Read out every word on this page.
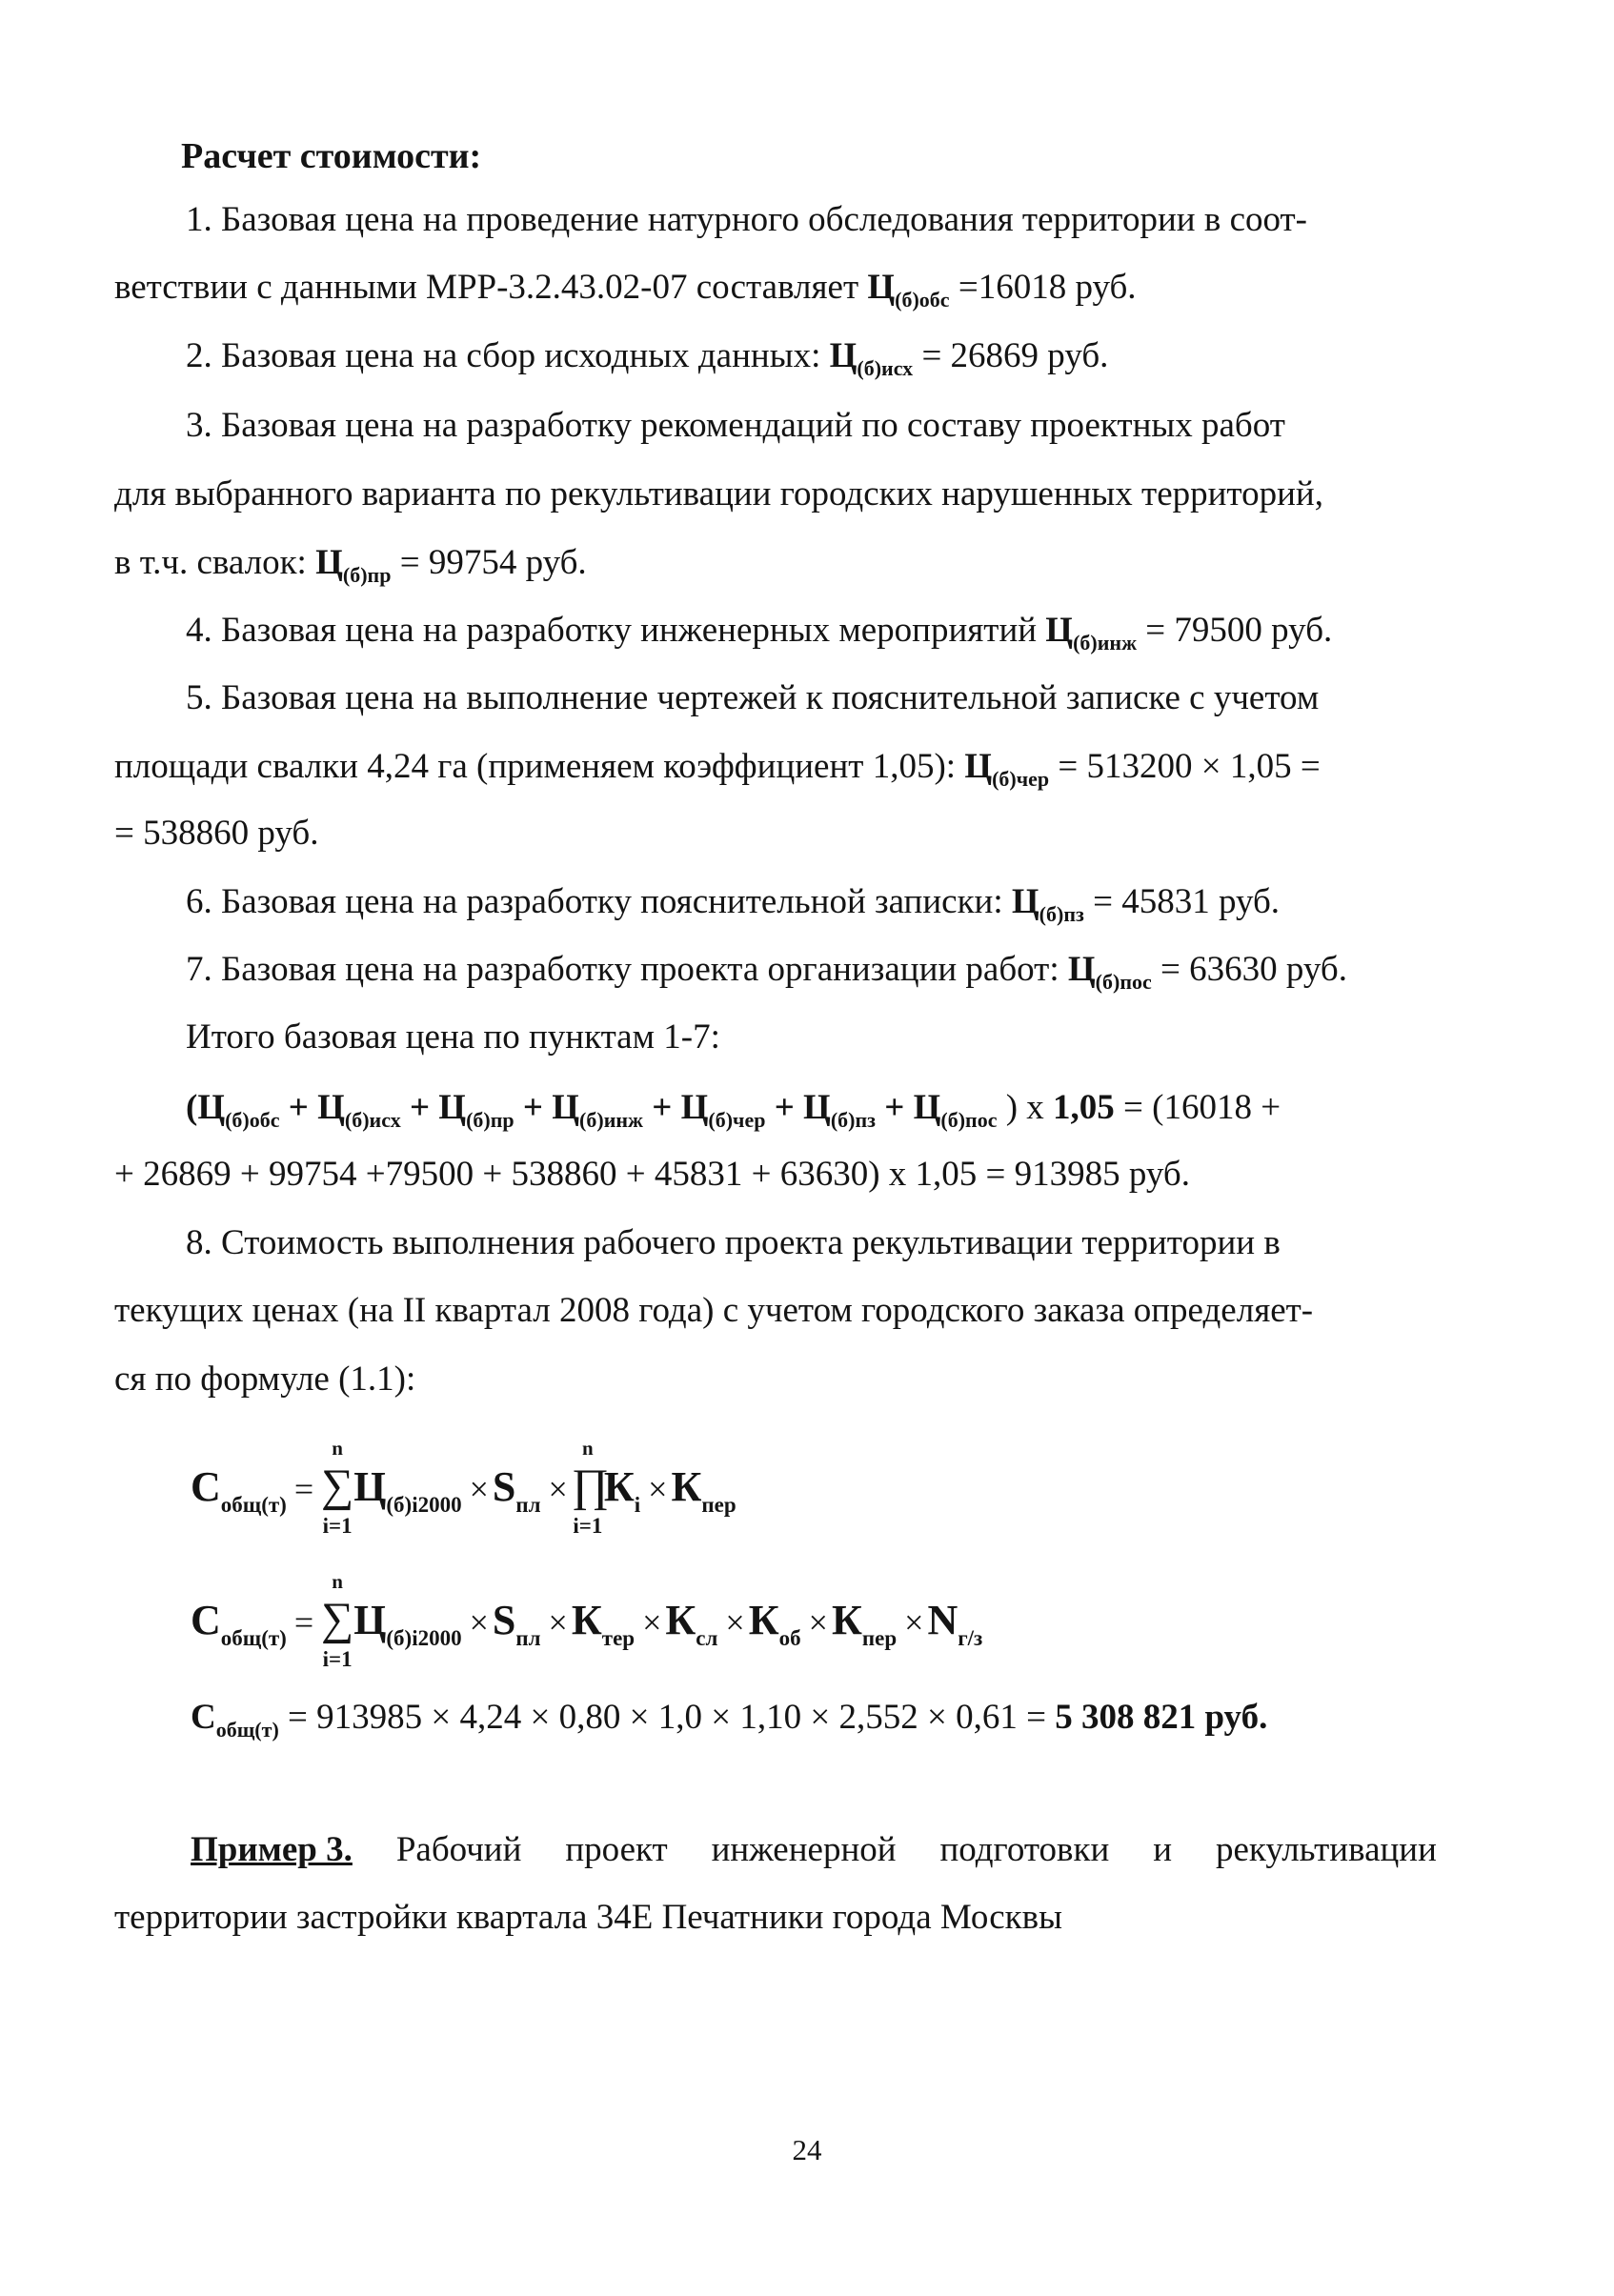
Расчет стоимости:
1. Базовая цена на проведение натурного обследования территории в соот-
ветствии с данными МРР-3.2.43.02-07 составляет $Ц_{(б)обс} =16018$ руб.
2. Базовая цена на сбор исходных данных: $Ц_{(б)исх} = 26869$ руб.
3. Базовая цена на разработку рекомендаций по составу проектных работ
для выбранного варианта по рекультивации городских нарушенных территорий,
в т.ч. свалок: $Ц_{(б)пр} = 99754$ руб.
4. Базовая цена на разработку инженерных мероприятий $Ц_{(б)инж} = 79500$ руб.
5. Базовая цена на выполнение чертежей к пояснительной записке с учетом
площади свалки 4,24 га (применяем коэффициент 1,05): $Ц_{(б)чер} = 513200 \times 1,05$ =
= 538860 руб.
6. Базовая цена на разработку пояснительной записки: $Ц_{(б)пз} = 45831$ руб.
7. Базовая цена на разработку проекта организации работ: $Ц_{(б)пос} = 63630$ руб.
Итого базовая цена по пунктам 1-7:
($Ц_{(б)обс} + Ц_{(б)исх} + Ц_{(б)пр} + Ц_{(б)инж} + Ц_{(б)чер} + Ц_{(б)пз} + Ц_{(б)пос}$ ) х 1,05 = (16018 +
+ 26869 + 99754 +79500 + 538860 + 45831 + 63630) х 1,05 = 913985 руб.
8. Стоимость выполнения рабочего проекта рекультивации территории в
текущих ценах (на II квартал 2008 года) с учетом городского заказа определяет-
ся по формуле (1.1):
Собщ(т) =
n
∑
i=1
Ц(б)i2000 ×Sпл ×
n
∏
i=1
Кi ×Кпер
Собщ(т) =
n
∑
i=1
Ц(б)i2000 ×Sпл ×Ктер ×Ксл ×Коб ×Кпер ×Nг/з
$С_{общ(т)} = 913985 \times 4,24 \times 0,80 \times 1,0 \times 1,10 \times 2,552 \times 0,61 = 5$ 308 821 руб.
Пример 3. Рабочий проект инженерной подготовки и рекультивации
территории застройки квартала 34Е Печатники города Москвы
24
